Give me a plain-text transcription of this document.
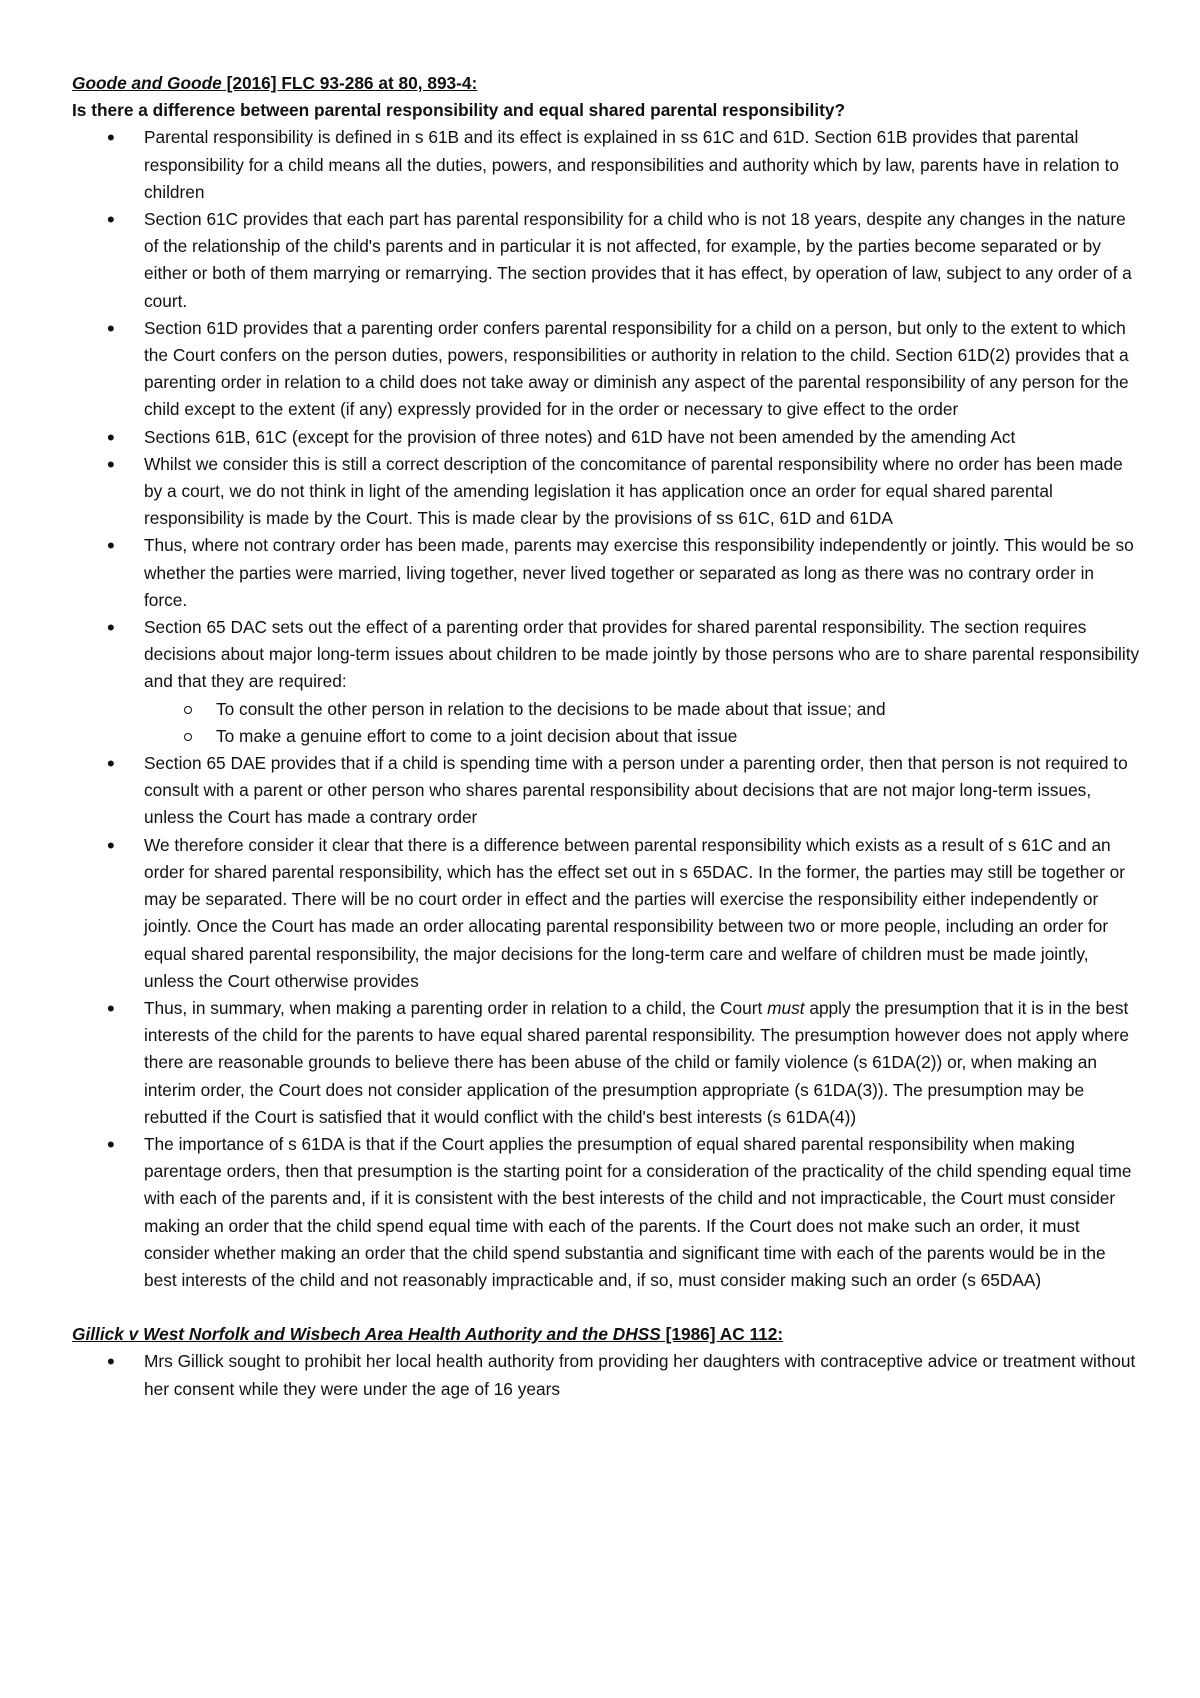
Goode and Goode [2016] FLC 93-286 at 80, 893-4:
Is there a difference between parental responsibility and equal shared parental responsibility?
• Parental responsibility is defined in s 61B and its effect is explained in ss 61C and 61D. Section 61B provides that parental responsibility for a child means all the duties, powers, and responsibilities and authority which by law, parents have in relation to children
• Section 61C provides that each part has parental responsibility for a child who is not 18 years, despite any changes in the nature of the relationship of the child's parents and in particular it is not affected, for example, by the parties become separated or by either or both of them marrying or remarrying. The section provides that it has effect, by operation of law, subject to any order of a court.
• Section 61D provides that a parenting order confers parental responsibility for a child on a person, but only to the extent to which the Court confers on the person duties, powers, responsibilities or authority in relation to the child. Section 61D(2) provides that a parenting order in relation to a child does not take away or diminish any aspect of the parental responsibility of any person for the child except to the extent (if any) expressly provided for in the order or necessary to give effect to the order
• Sections 61B, 61C (except for the provision of three notes) and 61D have not been amended by the amending Act
• Whilst we consider this is still a correct description of the concomitance of parental responsibility where no order has been made by a court, we do not think in light of the amending legislation it has application once an order for equal shared parental responsibility is made by the Court. This is made clear by the provisions of ss 61C, 61D and 61DA
• Thus, where not contrary order has been made, parents may exercise this responsibility independently or jointly. This would be so whether the parties were married, living together, never lived together or separated as long as there was no contrary order in force.
• Section 65 DAC sets out the effect of a parenting order that provides for shared parental responsibility. The section requires decisions about major long-term issues about children to be made jointly by those persons who are to share parental responsibility and that they are required:
To consult the other person in relation to the decisions to be made about that issue; and
To make a genuine effort to come to a joint decision about that issue
• Section 65 DAE provides that if a child is spending time with a person under a parenting order, then that person is not required to consult with a parent or other person who shares parental responsibility about decisions that are not major long-term issues, unless the Court has made a contrary order
• We therefore consider it clear that there is a difference between parental responsibility which exists as a result of s 61C and an order for shared parental responsibility, which has the effect set out in s 65DAC. In the former, the parties may still be together or may be separated. There will be no court order in effect and the parties will exercise the responsibility either independently or jointly. Once the Court has made an order allocating parental responsibility between two or more people, including an order for equal shared parental responsibility, the major decisions for the long-term care and welfare of children must be made jointly, unless the Court otherwise provides
• Thus, in summary, when making a parenting order in relation to a child, the Court must apply the presumption that it is in the best interests of the child for the parents to have equal shared parental responsibility. The presumption however does not apply where there are reasonable grounds to believe there has been abuse of the child or family violence (s 61DA(2)) or, when making an interim order, the Court does not consider application of the presumption appropriate (s 61DA(3)). The presumption may be rebutted if the Court is satisfied that it would conflict with the child's best interests (s 61DA(4))
• The importance of s 61DA is that if the Court applies the presumption of equal shared parental responsibility when making parentage orders, then that presumption is the starting point for a consideration of the practicality of the child spending equal time with each of the parents and, if it is consistent with the best interests of the child and not impracticable, the Court must consider making an order that the child spend equal time with each of the parents. If the Court does not make such an order, it must consider whether making an order that the child spend substantia and significant time with each of the parents would be in the best interests of the child and not reasonably impracticable and, if so, must consider making such an order (s 65DAA)
Gillick v West Norfolk and Wisbech Area Health Authority and the DHSS [1986] AC 112:
• Mrs Gillick sought to prohibit her local health authority from providing her daughters with contraceptive advice or treatment without her consent while they were under the age of 16 years
